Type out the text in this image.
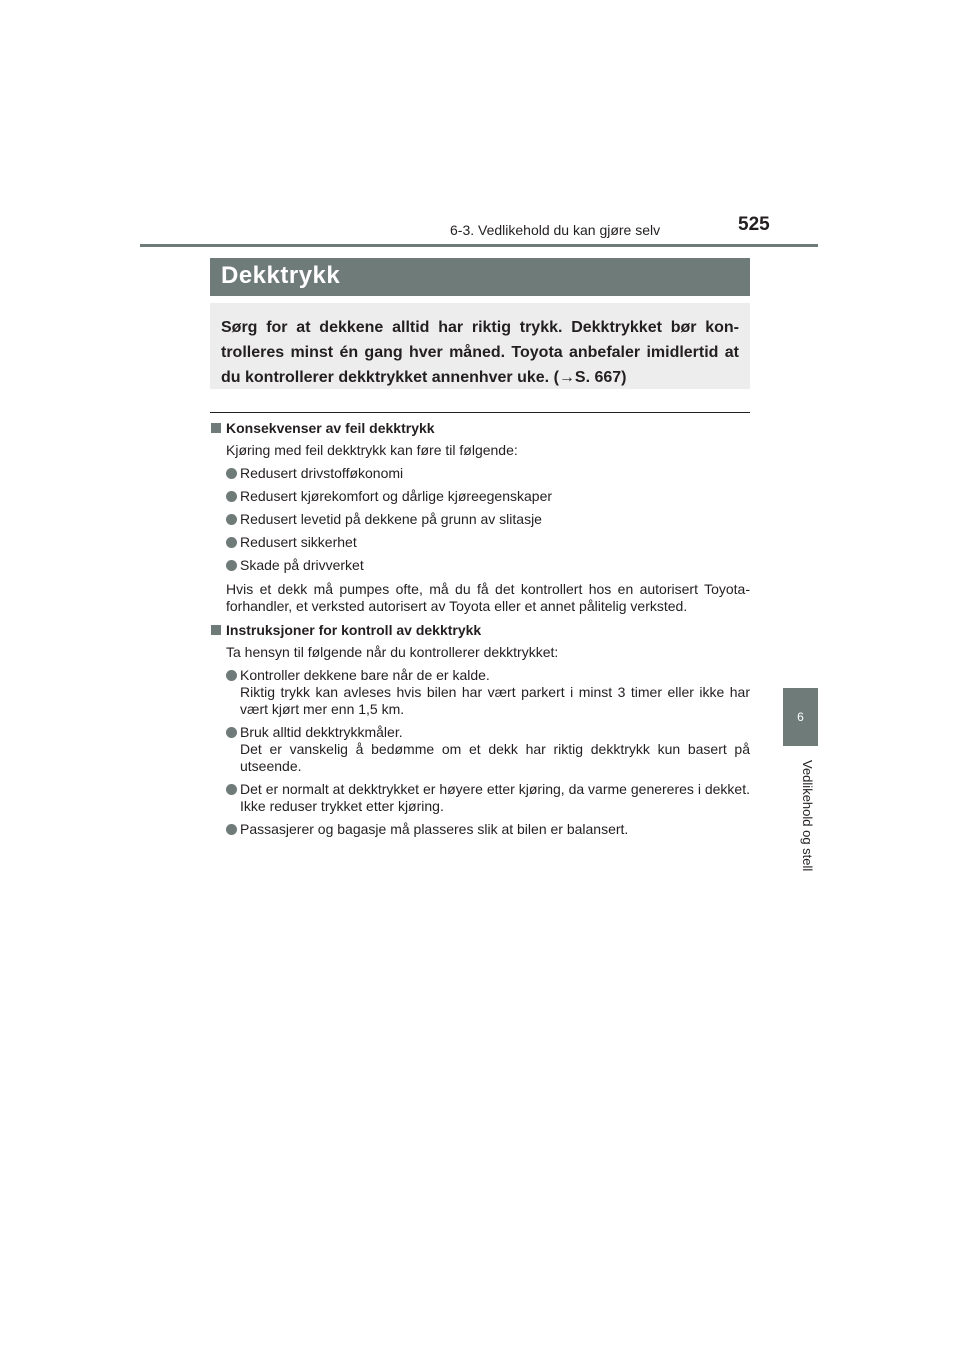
6-3. Vedlikehold du kan gjøre selv	525
6
Vedlikehold og stell
Dekktrykk
Sørg for at dekkene alltid har riktig trykk. Dekktrykket bør kon-trolleres minst én gang hver måned. Toyota anbefaler imidlertid at du kontrollerer dekktrykket annenhver uke. (→S. 667)
Konsekvenser av feil dekktrykk
Kjøring med feil dekktrykk kan føre til følgende:
Redusert drivstofføkonomi
Redusert kjørekomfort og dårlige kjøreegenskaper
Redusert levetid på dekkene på grunn av slitasje
Redusert sikkerhet
Skade på drivverket
Hvis et dekk må pumpes ofte, må du få det kontrollert hos en autorisert Toyota-forhandler, et verksted autorisert av Toyota eller et annet pålitelig verksted.
Instruksjoner for kontroll av dekktrykk
Ta hensyn til følgende når du kontrollerer dekktrykket:
Kontroller dekkene bare når de er kalde.
Riktig trykk kan avleses hvis bilen har vært parkert i minst 3 timer eller ikke har vært kjørt mer enn 1,5 km.
Bruk alltid dekktrykkmåler.
Det er vanskelig å bedømme om et dekk har riktig dekktrykk kun basert på utseende.
Det er normalt at dekktrykket er høyere etter kjøring, da varme genereres i dekket. Ikke reduser trykket etter kjøring.
Passasjerer og bagasje må plasseres slik at bilen er balansert.
